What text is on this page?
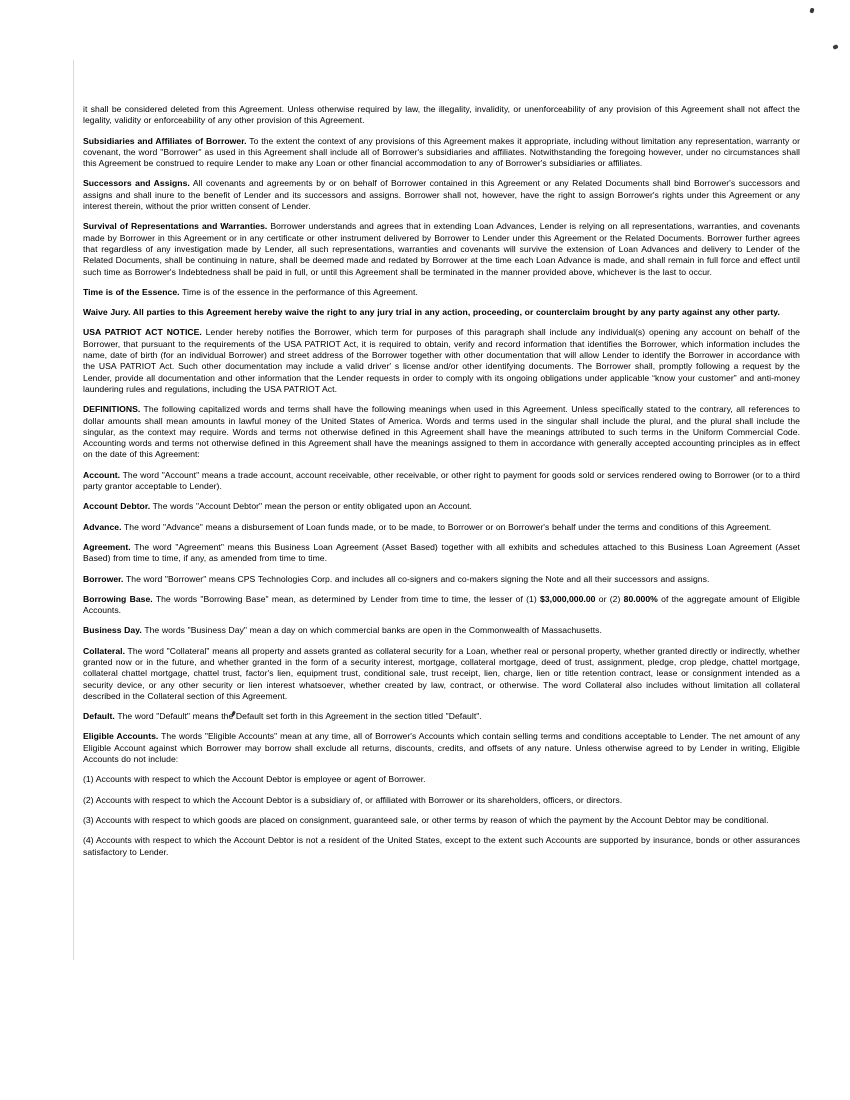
it shall be considered deleted from this Agreement. Unless otherwise required by law, the illegality, invalidity, or unenforceability of any provision of this Agreement shall not affect the legality, validity or enforceability of any other provision of this Agreement.

Subsidiaries and Affiliates of Borrower. To the extent the context of any provisions of this Agreement makes it appropriate, including without limitation any representation, warranty or covenant, the word "Borrower" as used in this Agreement shall include all of Borrower's subsidiaries and affiliates. Notwithstanding the foregoing however, under no circumstances shall this Agreement be construed to require Lender to make any Loan or other financial accommodation to any of Borrower's subsidiaries or affiliates.

Successors and Assigns. All covenants and agreements by or on behalf of Borrower contained in this Agreement or any Related Documents shall bind Borrower's successors and assigns and shall inure to the benefit of Lender and its successors and assigns. Borrower shall not, however, have the right to assign Borrower's rights under this Agreement or any interest therein, without the prior written consent of Lender.

Survival of Representations and Warranties. Borrower understands and agrees that in extending Loan Advances, Lender is relying on all representations, warranties, and covenants made by Borrower in this Agreement or in any certificate or other instrument delivered by Borrower to Lender under this Agreement or the Related Documents. Borrower further agrees that regardless of any investigation made by Lender, all such representations, warranties and covenants will survive the extension of Loan Advances and delivery to Lender of the Related Documents, shall be continuing in nature, shall be deemed made and redated by Borrower at the time each Loan Advance is made, and shall remain in full force and effect until such time as Borrower's Indebtedness shall be paid in full, or until this Agreement shall be terminated in the manner provided above, whichever is the last to occur.

Time is of the Essence. Time is of the essence in the performance of this Agreement.

Waive Jury. All parties to this Agreement hereby waive the right to any jury trial in any action, proceeding, or counterclaim brought by any party against any other party.

USA PATRIOT ACT NOTICE. Lender hereby notifies the Borrower, which term for purposes of this paragraph shall include any individual(s) opening any account on behalf of the Borrower, that pursuant to the requirements of the USA PATRIOT Act, it is required to obtain, verify and record information that identifies the Borrower, which information includes the name, date of birth (for an individual Borrower) and street address of the Borrower together with other documentation that will allow Lender to identify the Borrower in accordance with the USA PATRIOT Act. Such other documentation may include a valid driver′ s license and/or other identifying documents. The Borrower shall, promptly following a request by the Lender, provide all documentation and other information that the Lender requests in order to comply with its ongoing obligations under applicable “know your customer” and anti-money laundering rules and regulations, including the USA PATRIOT Act.

DEFINITIONS. The following capitalized words and terms shall have the following meanings when used in this Agreement. Unless specifically stated to the contrary, all references to dollar amounts shall mean amounts in lawful money of the United States of America. Words and terms used in the singular shall include the plural, and the plural shall include the singular, as the context may require. Words and terms not otherwise defined in this Agreement shall have the meanings attributed to such terms in the Uniform Commercial Code. Accounting words and terms not otherwise defined in this Agreement shall have the meanings assigned to them in accordance with generally accepted accounting principles as in effect on the date of this Agreement:

Account. The word "Account" means a trade account, account receivable, other receivable, or other right to payment for goods sold or services rendered owing to Borrower (or to a third party grantor acceptable to Lender).

Account Debtor. The words "Account Debtor" mean the person or entity obligated upon an Account.

Advance. The word "Advance" means a disbursement of Loan funds made, or to be made, to Borrower or on Borrower's behalf under the terms and conditions of this Agreement.

Agreement. The word "Agreement" means this Business Loan Agreement (Asset Based) together with all exhibits and schedules attached to this Business Loan Agreement (Asset Based) from time to time, if any, as amended from time to time.

Borrower. The word "Borrower" means CPS Technologies Corp. and includes all co-signers and co-makers signing the Note and all their successors and assigns.

Borrowing Base. The words "Borrowing Base" mean, as determined by Lender from time to time, the lesser of (1) $3,000,000.00 or (2) 80.000% of the aggregate amount of Eligible Accounts.

Business Day. The words "Business Day" mean a day on which commercial banks are open in the Commonwealth of Massachusetts.

Collateral. The word "Collateral" means all property and assets granted as collateral security for a Loan, whether real or personal property, whether granted directly or indirectly, whether granted now or in the future, and whether granted in the form of a security interest, mortgage, collateral mortgage, deed of trust, assignment, pledge, crop pledge, chattel mortgage, collateral chattel mortgage, chattel trust, factor's lien, equipment trust, conditional sale, trust receipt, lien, charge, lien or title retention contract, lease or consignment intended as a security device, or any other security or lien interest whatsoever, whether created by law, contract, or otherwise. The word Collateral also includes without limitation all collateral described in the Collateral section of this Agreement.

Default. The word "Default" means the Default set forth in this Agreement in the section titled "Default".

Eligible Accounts. The words "Eligible Accounts" mean at any time, all of Borrower's Accounts which contain selling terms and conditions acceptable to Lender. The net amount of any Eligible Account against which Borrower may borrow shall exclude all returns, discounts, credits, and offsets of any nature. Unless otherwise agreed to by Lender in writing, Eligible Accounts do not include:

(1) Accounts with respect to which the Account Debtor is employee or agent of Borrower.

(2) Accounts with respect to which the Account Debtor is a subsidiary of, or affiliated with Borrower or its shareholders, officers, or directors.

(3) Accounts with respect to which goods are placed on consignment, guaranteed sale, or other terms by reason of which the payment by the Account Debtor may be conditional.

(4) Accounts with respect to which the Account Debtor is not a resident of the United States, except to the extent such Accounts are supported by insurance, bonds or other assurances satisfactory to Lender.
